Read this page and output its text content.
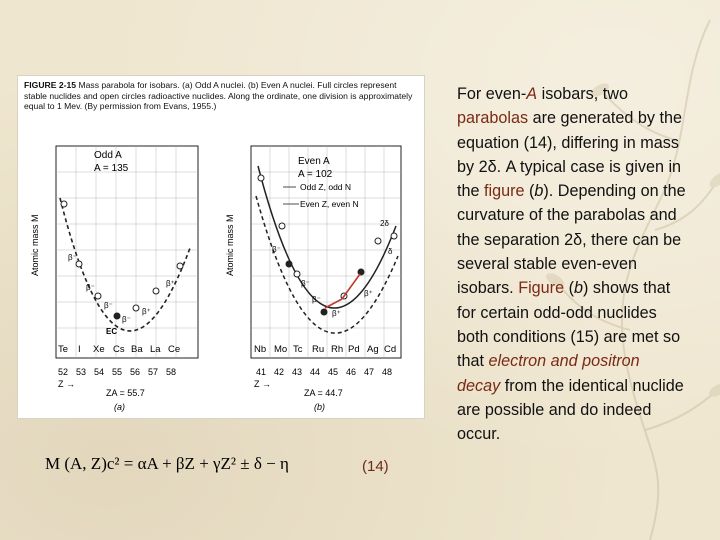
FIGURE 2-15 Mass parabola for isobars. (a) Odd A nuclei. (b) Even A nuclei. Full circles represent stable nuclides and open circles radioactive nuclides. Along the ordinate, one division is approximately equal to 1 Mev. (By permission from Evans, 1955.)
Odd A
A = 135
β⁻
β⁻
β⁻
β⁻
EC
β⁺
β⁺
Atomic mass M
Te I Xe Cs Ba La Ce
52 53 54 55 56 57 58
Z →
ZA = 55.7
(a)
Even A
A = 102
Odd Z, odd N
Even Z, even N
β⁻
β⁻
β⁻
β⁺
2δ
δ
β⁺
Atomic mass M
Nb Mo Tc Ru Rh Pd Ag Cd
41 42 43 44 45 46 47 48
Z →
ZA = 44.7
(b)
For even-A isobars, two parabolas are generated by the equation (14), differing in mass by 2δ. A typical case is given in the figure (b). Depending on the curvature of the parabolas and the separation 2δ, there can be several stable even-even isobars. Figure (b) shows that for certain odd-odd nuclides both conditions (15) are met so that electron and positron decay from the identical nuclide are possible and do indeed occur.
M (A, Z)c² = αA + βZ + γZ² ± δ − η	(14)
